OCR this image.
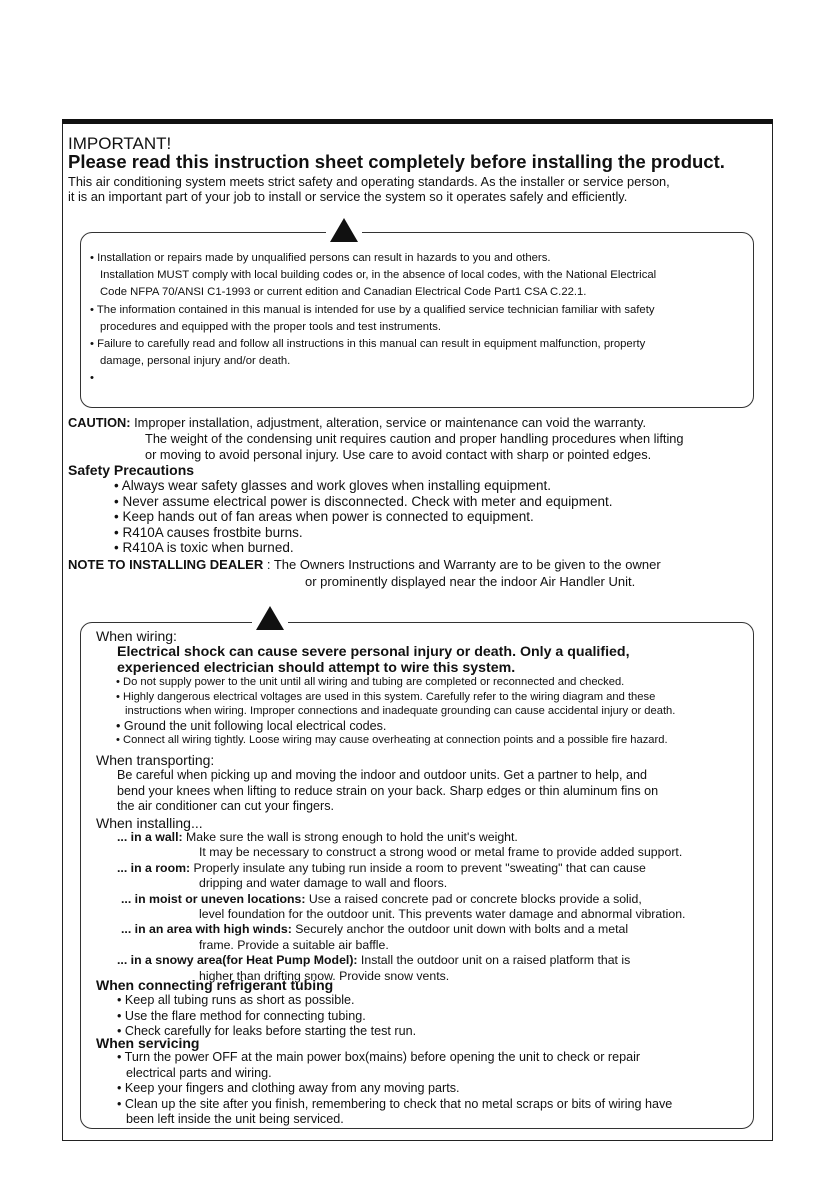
IMPORTANT!
Please read this instruction sheet completely before installing the product.
This air conditioning system meets strict safety and operating standards. As the installer or service person,
it is an important part of your job to install or service the system so it operates safely and efficiently.
• Installation or repairs made by unqualified persons can result in hazards to you and others.
Installation MUST comply with local building codes or, in the absence of local codes, with the National Electrical
Code NFPA 70/ANSI C1-1993 or current edition and Canadian Electrical Code Part1 CSA C.22.1.
• The information contained in this manual is intended for use by a qualified service technician familiar with safety
procedures and equipped with the proper tools and test instruments.
• Failure to carefully read and follow all instructions in this manual can result in equipment malfunction, property
damage, personal injury and/or death.
•
CAUTION: Improper installation, adjustment, alteration, service or maintenance can void the warranty.
The weight of the condensing unit requires caution and proper handling procedures when lifting
or moving to avoid personal injury. Use care to avoid contact with sharp or pointed edges.
Safety Precautions
• Always wear safety glasses and work gloves when installing equipment.
• Never assume electrical power is disconnected. Check with meter and equipment.
• Keep hands out of fan areas when power is connected to equipment.
• R410A causes frostbite burns.
• R410A is toxic when burned.
NOTE TO INSTALLING DEALER : The Owners Instructions and Warranty are to be given to the owner
or prominently displayed near the indoor Air Handler Unit.
When wiring:
Electrical shock can cause severe personal injury or death. Only a qualified,
experienced electrician should attempt to wire this system.
• Do not supply power to the unit until all wiring and tubing are completed or reconnected and checked.
• Highly dangerous electrical voltages are used in this system. Carefully refer to the wiring diagram and these
instructions when wiring. Improper connections and inadequate grounding can cause accidental injury or death.
• Ground the unit following local electrical codes.
• Connect all wiring tightly. Loose wiring may cause overheating at connection points and a possible fire hazard.
When transporting:
Be careful when picking up and moving the indoor and outdoor units. Get a partner to help, and
bend your knees when lifting to reduce strain on your back. Sharp edges or thin aluminum fins on
the air conditioner can cut your fingers.
When installing...
... in a wall: Make sure the wall is strong enough to hold the unit's weight.
It may be necessary to construct a strong wood or metal frame to provide added support.
... in a room: Properly insulate any tubing run inside a room to prevent "sweating" that can cause
dripping and water damage to wall and floors.
... in moist or uneven locations: Use a raised concrete pad or concrete blocks provide a solid,
level foundation for the outdoor unit. This prevents water damage and abnormal vibration.
... in an area with high winds: Securely anchor the outdoor unit down with bolts and a metal
frame. Provide a suitable air baffle.
... in a snowy area(for Heat Pump Model): Install the outdoor unit on a raised platform that is
higher than drifting snow. Provide snow vents.
When connecting refrigerant tubing
• Keep all tubing runs as short as possible.
• Use the flare method for connecting tubing.
• Check carefully for leaks before starting the test run.
When servicing
• Turn the power OFF at the main power box(mains) before opening the unit to check or repair
electrical parts and wiring.
• Keep your fingers and clothing away from any moving parts.
• Clean up the site after you finish, remembering to check that no metal scraps or bits of wiring have
been left inside the unit being serviced.
